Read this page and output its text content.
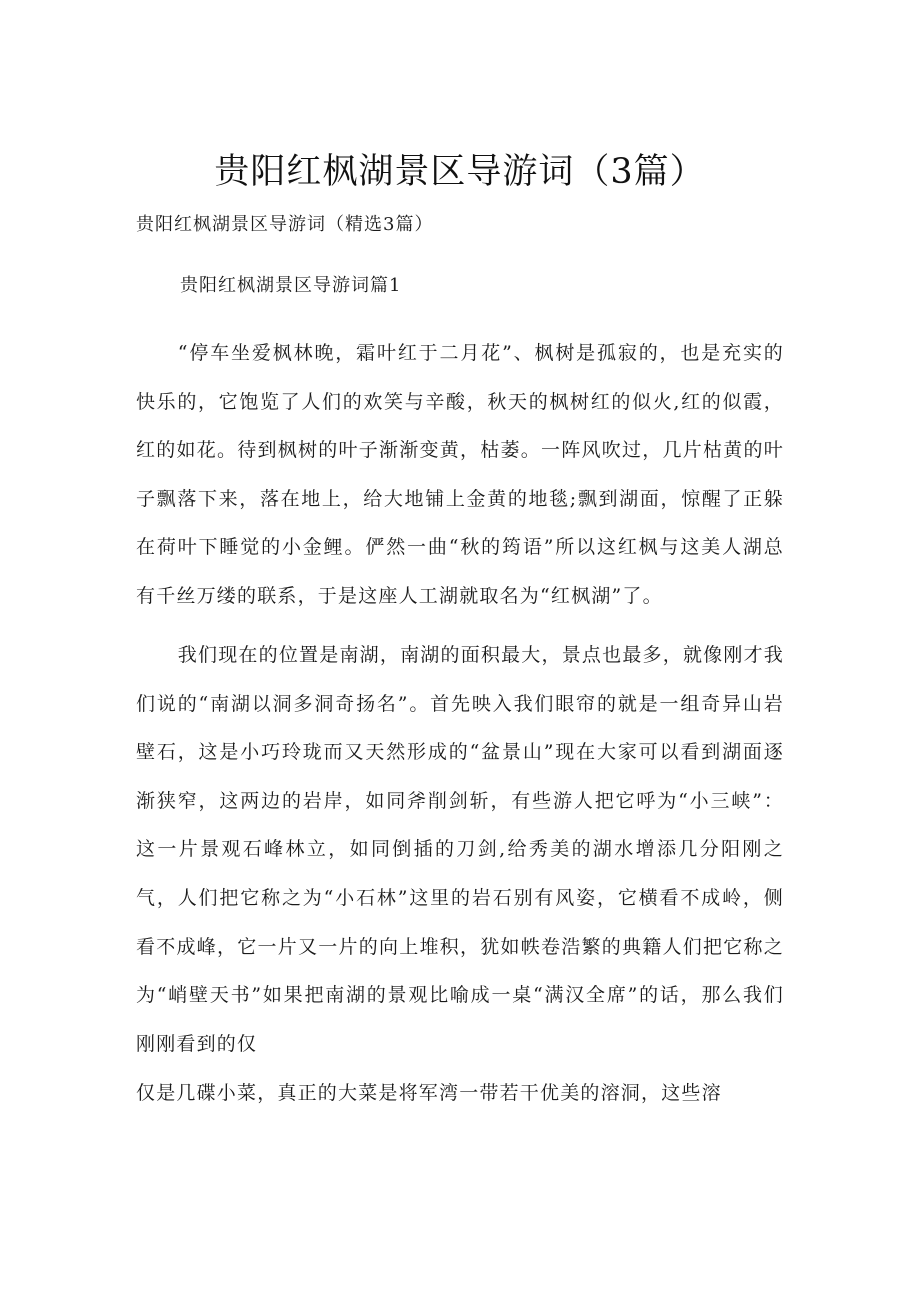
贵阳红枫湖景区导游词（3篇）
贵阳红枫湖景区导游词（精选3篇）
贵阳红枫湖景区导游词篇1
“停车坐爱枫林晚，霜叶红于二月花”、枫树是孤寂的，也是充实的快乐的，它饱览了人们的欢笑与辛酸，秋天的枫树红的似火,红的似霞，红的如花。待到枫树的叶子渐渐变黄，枯萎。一阵风吹过，几片枯黄的叶子飘落下来，落在地上，给大地铺上金黄的地毯;飘到湖面，惊醒了正躲在荷叶下睡觉的小金鲤。俨然一曲“秋的筠语”所以这红枫与这美人湖总有千丝万缕的联系，于是这座人工湖就取名为“红枫湖”了。
我们现在的位置是南湖，南湖的面积最大，景点也最多，就像刚才我们说的“南湖以洞多洞奇扬名”。首先映入我们眼帘的就是一组奇异山岩壁石，这是小巧玲珑而又天然形成的“盆景山”现在大家可以看到湖面逐渐狭窄，这两边的岩岸，如同斧削剑斩，有些游人把它呼为“小三峡”：这一片景观石峰林立，如同倒插的刀剑,给秀美的湖水增添几分阳刚之气，人们把它称之为“小石林”这里的岩石别有风姿，它横看不成岭，侧看不成峰，它一片又一片的向上堆积，犹如帙卷浩繁的典籍人们把它称之为“峭壁天书”如果把南湖的景观比喻成一桌“满汉全席”的话，那么我们刚刚看到的仅
仅是几碟小菜，真正的大菜是将军湾一带若干优美的溶洞，这些溶
